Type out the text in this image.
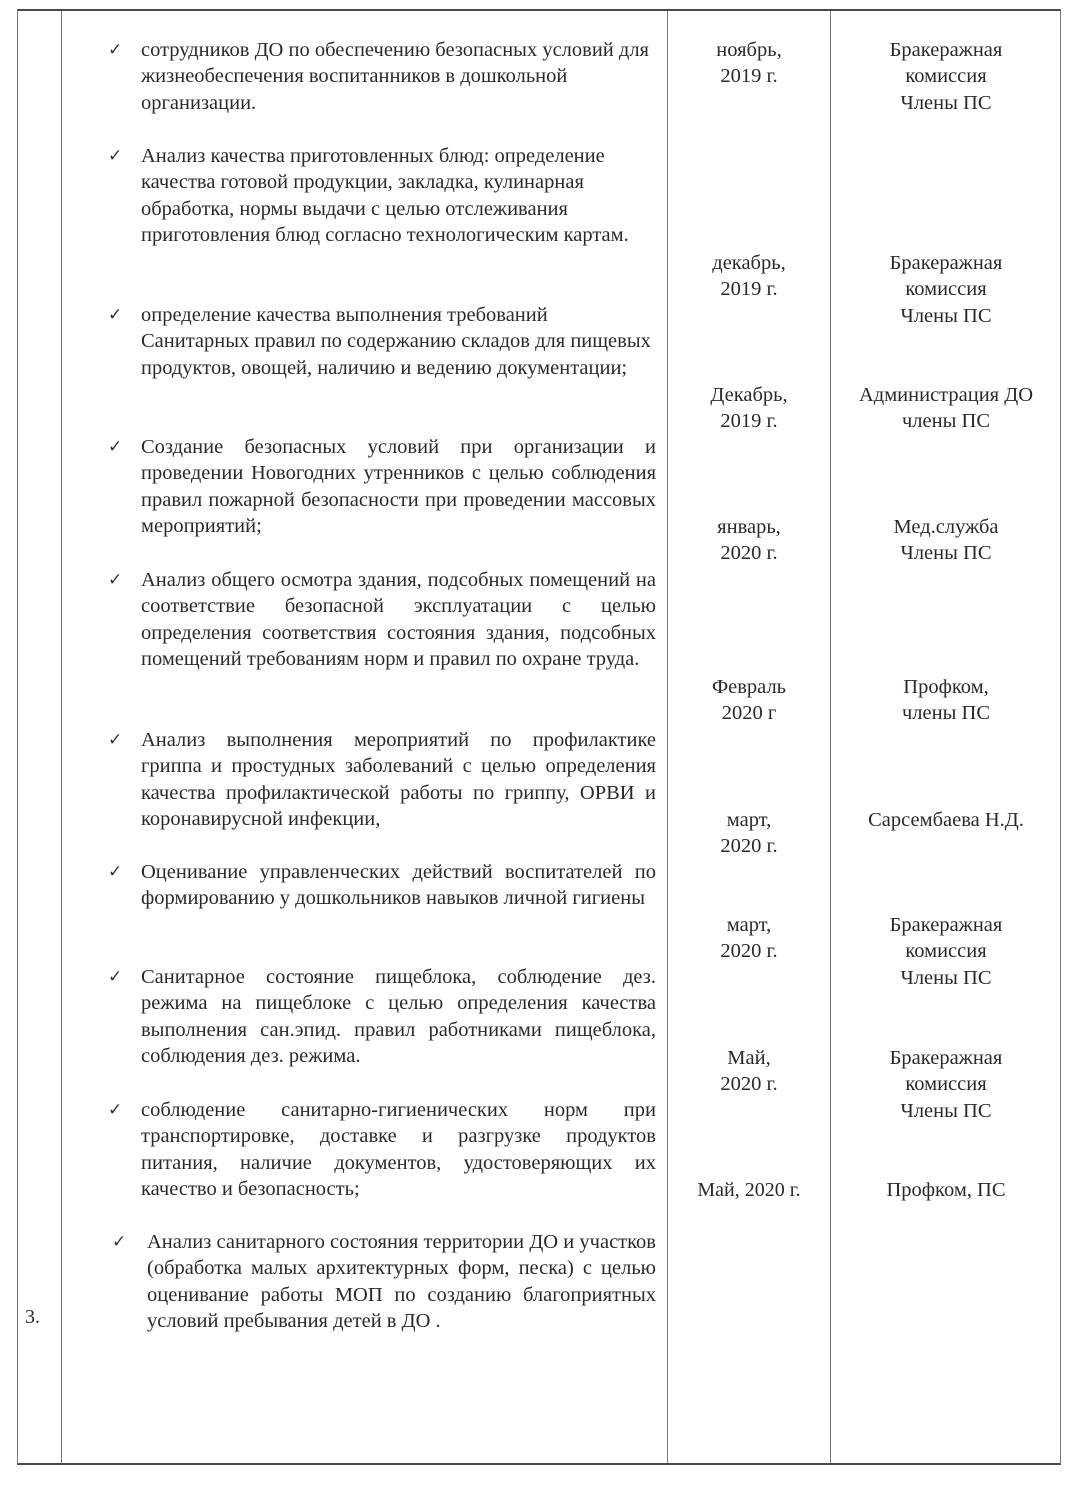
3.
✓ сотрудников ДО по обеспечению безопасных условий для жизнеобеспечения воспитанников в дошкольной организации.
✓ Анализ качества приготовленных блюд: определение качества готовой продукции, закладка, кулинарная обработка, нормы выдачи с целью отслеживания приготовления блюд согласно технологическим картам.
✓ определение качества выполнения требований Санитарных правил по содержанию складов для пищевых продуктов, овощей, наличию и ведению документации;
✓ Создание безопасных условий при организации и проведении Новогодних утренников с целью соблюдения правил пожарной безопасности при проведении массовых мероприятий;
✓ Анализ общего осмотра здания, подсобных помещений на соответствие безопасной эксплуатации с целью определения соответствия состояния здания, подсобных помещений требованиям норм и правил по охране труда.
✓ Анализ выполнения мероприятий по профилактике гриппа и простудных заболеваний с целью определения качества профилактической работы по гриппу, ОРВИ и коронавирусной инфекции,
✓ Оценивание управленческих действий воспитателей по формированию у дошкольников навыков личной гигиены
✓ Санитарное состояние пищеблока, соблюдение дез. режима на пищеблоке с целью определения качества выполнения сан.эпид. правил работниками пищеблока, соблюдения дез. режима.
✓ соблюдение санитарно-гигиенических норм при транспортировке, доставке и разгрузке продуктов питания, наличие документов, удостоверяющих их качество и безопасность;
✓ Анализ санитарного состояния территории ДО и участков (обработка малых архитектурных форм, песка) с целью оценивание работы МОП по созданию благоприятных условий пребывания детей в ДО .
ноябрь,
2019 г.
декабрь,
2019 г.
Декабрь,
2019 г.
январь,
2020 г.
Февраль
2020 г
март,
2020 г.
март,
2020 г.
Май,
2020 г.
Май, 2020 г.
Бракеражная
комиссия
Члены ПС
Бракеражная
комиссия
Члены ПС
Администрация ДО
члены ПС
Мед.служба
Члены ПС
Профком,
члены ПС
Сарсембаева Н.Д.
Бракеражная
комиссия
Члены ПС
Бракеражная
комиссия
Члены ПС
Профком, ПС
